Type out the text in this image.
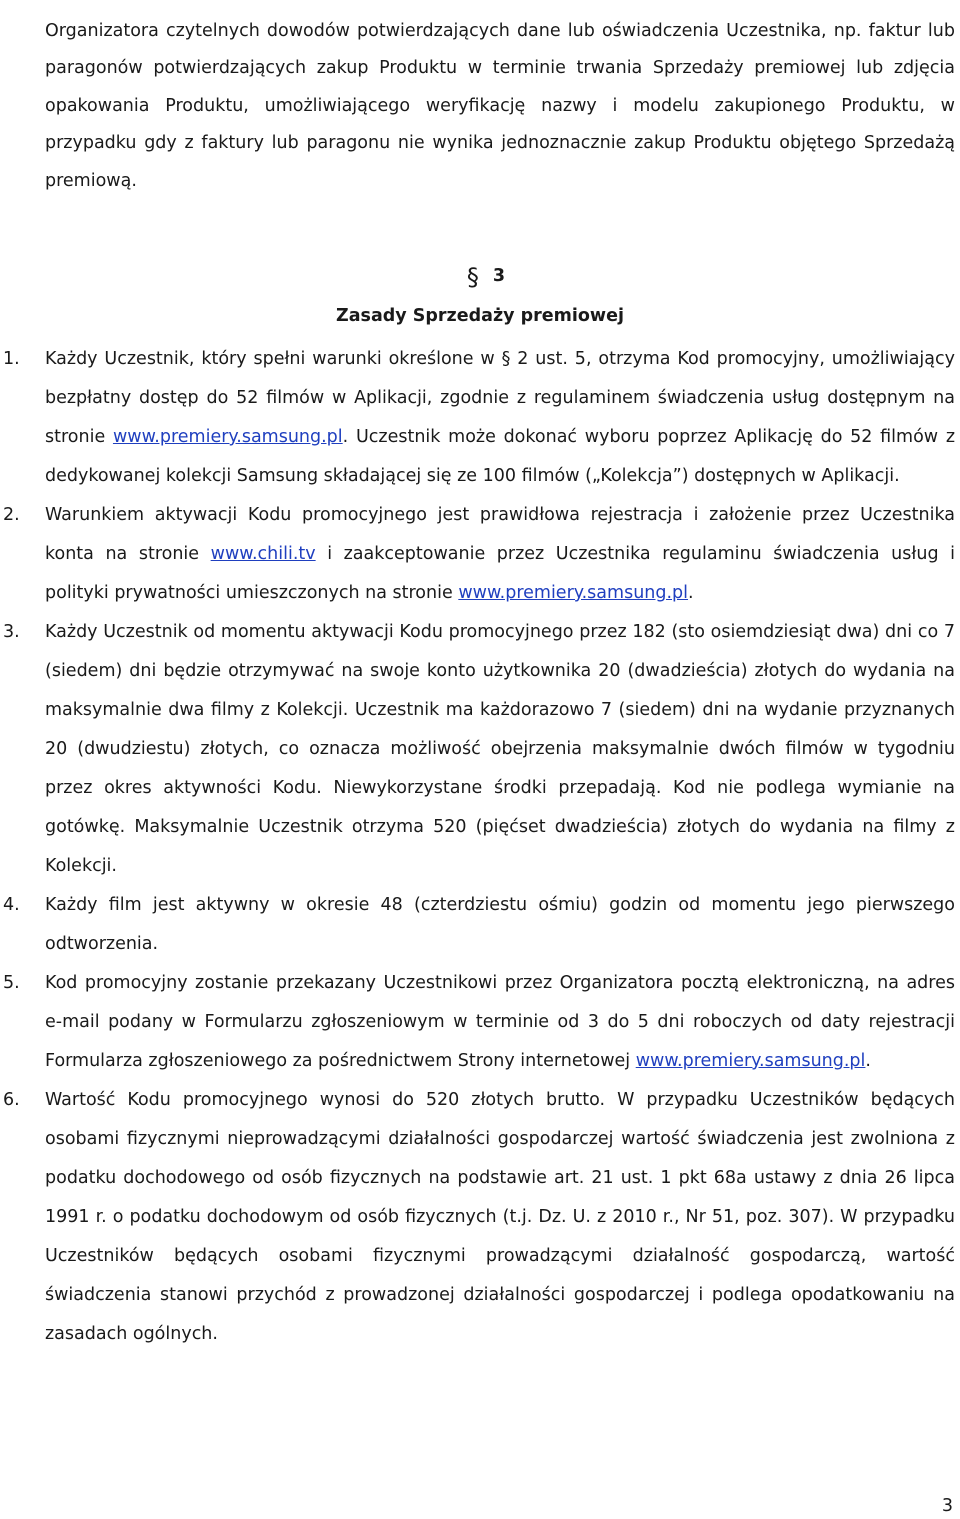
Organizatora czytelnych dowodów potwierdzających dane lub oświadczenia Uczestnika, np. faktur lub paragonów potwierdzających zakup Produktu w terminie trwania Sprzedaży premiowej lub zdjęcia opakowania Produktu, umożliwiającego weryfikację nazwy i modelu zakupionego Produktu, w przypadku gdy z faktury lub paragonu nie wynika jednoznacznie zakup Produktu objętego Sprzedażą premiową.

§ 3
Zasady Sprzedaży premiowej
1. Każdy Uczestnik, który spełni warunki określone w § 2 ust. 5, otrzyma Kod promocyjny, umożliwiający bezpłatny dostęp do 52 filmów w Aplikacji, zgodnie z regulaminem świadczenia usług dostępnym na stronie www.premiery.samsung.pl. Uczestnik może dokonać wyboru poprzez Aplikację do 52 filmów z dedykowanej kolekcji Samsung składającej się ze 100 filmów („Kolekcja”) dostępnych w Aplikacji.

2. Warunkiem aktywacji Kodu promocyjnego jest prawidłowa rejestracja i założenie przez Uczestnika konta na stronie www.chili.tv i zaakceptowanie przez Uczestnika regulaminu świadczenia usług i polityki prywatności umieszczonych na stronie www.premiery.samsung.pl.

3. Każdy Uczestnik od momentu aktywacji Kodu promocyjnego przez 182 (sto osiemdziesiąt dwa) dni co 7 (siedem) dni będzie otrzymywać na swoje konto użytkownika 20 (dwadzieścia) złotych do wydania na maksymalnie dwa filmy z Kolekcji. Uczestnik ma każdorazowo 7 (siedem) dni na wydanie przyznanych 20 (dwudziestu) złotych, co oznacza możliwość obejrzenia maksymalnie dwóch filmów w tygodniu przez okres aktywności Kodu. Niewykorzystane środki przepadają. Kod nie podlega wymianie na gotówkę. Maksymalnie Uczestnik otrzyma 520 (pięćset dwadzieścia) złotych do wydania na filmy z Kolekcji.

4. Każdy film jest aktywny w okresie 48 (czterdziestu ośmiu) godzin od momentu jego pierwszego odtworzenia.

5. Kod promocyjny zostanie przekazany Uczestnikowi przez Organizatora pocztą elektroniczną, na adres e-mail podany w Formularzu zgłoszeniowym w terminie od 3 do 5 dni roboczych od daty rejestracji Formularza zgłoszeniowego za pośrednictwem Strony internetowej www.premiery.samsung.pl.

6. Wartość Kodu promocyjnego wynosi do 520 złotych brutto. W przypadku Uczestników będących osobami fizycznymi nieprowadzącymi działalności gospodarczej wartość świadczenia jest zwolniona z podatku dochodowego od osób fizycznych na podstawie art. 21 ust. 1 pkt 68a ustawy z dnia 26 lipca 1991 r. o podatku dochodowym od osób fizycznych (t.j. Dz. U. z 2010 r., Nr 51, poz. 307). W przypadku Uczestników będących osobami fizycznymi prowadzącymi działalność gospodarczą, wartość świadczenia stanowi przychód z prowadzonej działalności gospodarczej i podlega opodatkowaniu na zasadach ogólnych.

3
